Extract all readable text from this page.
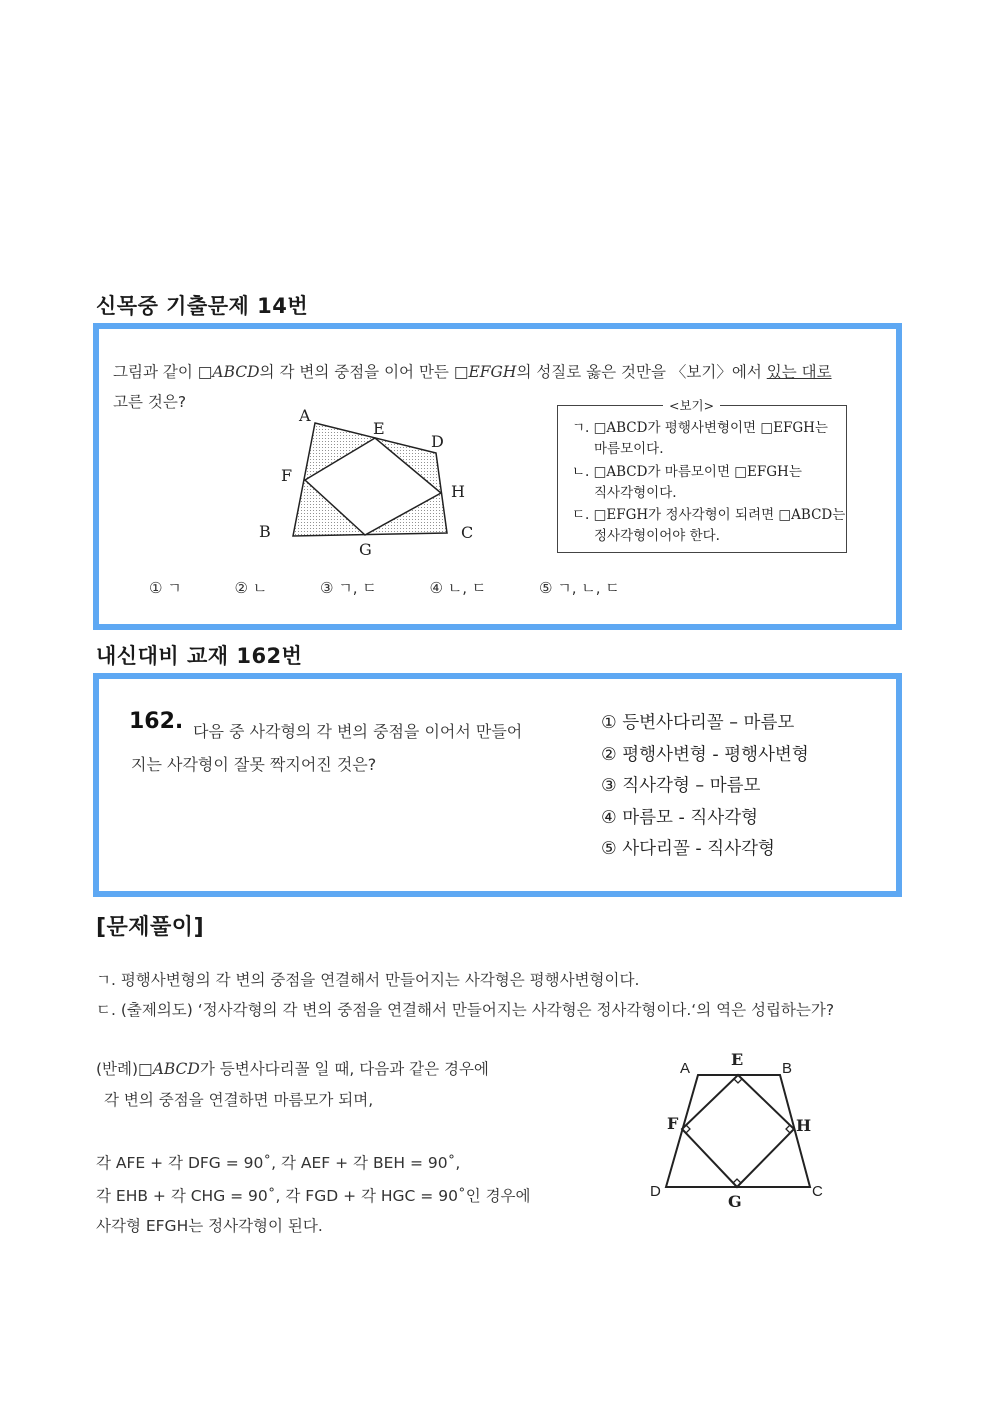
신목중 기출문제 14번
그림과 같이 □ABCD의 각 변의 중점을 이어 만든 □EFGH의 성질로 옳은 것만을 〈보기〉에서 있는 대로
고른 것은?
A
E
D
F
H
B	C
G
<보기>
ㄱ. □ABCD가 평행사변형이면 □EFGH는
마름모이다.
ㄴ. □ABCD가 마름모이면 □EFGH는
직사각형이다.
ㄷ. □EFGH가 정사각형이 되려면 □ABCD는
정사각형이어야 한다.
① ㄱ	② ㄴ	③ ㄱ, ㄷ	④ ㄴ, ㄷ	⑤ ㄱ, ㄴ, ㄷ
내신대비 교재 162번
162. 다음 중 사각형의 각 변의 중점을 이어서 만들어지는 사각형이 잘못 짝지어진 것은?
① 등변사다리꼴 – 마름모
② 평행사변형 - 평행사변형
③ 직사각형 – 마름모
④ 마름모 - 직사각형
⑤ 사다리꼴 - 직사각형
[문제풀이]
ㄱ. 평행사변형의 각 변의 중점을 연결해서 만들어지는 사각형은 평행사변형이다.
ㄷ. (출제의도) ‘정사각형의 각 변의 중점을 연결해서 만들어지는 사각형은 정사각형이다.‘의 역은 성립하는가?
(반례)□ABCD가 등변사다리꼴 일 때, 다음과 같은 경우에
각 변의 중점을 연결하면 마름모가 되며,
각 AFE + 각 DFG = 90˚, 각 AEF + 각 BEH = 90˚,
각 EHB + 각 CHG = 90˚, 각 FGD + 각 HGC = 90˚인 경우에
사각형 EFGH는 정사각형이 된다.
A	E	B
F	H
D
G
C
